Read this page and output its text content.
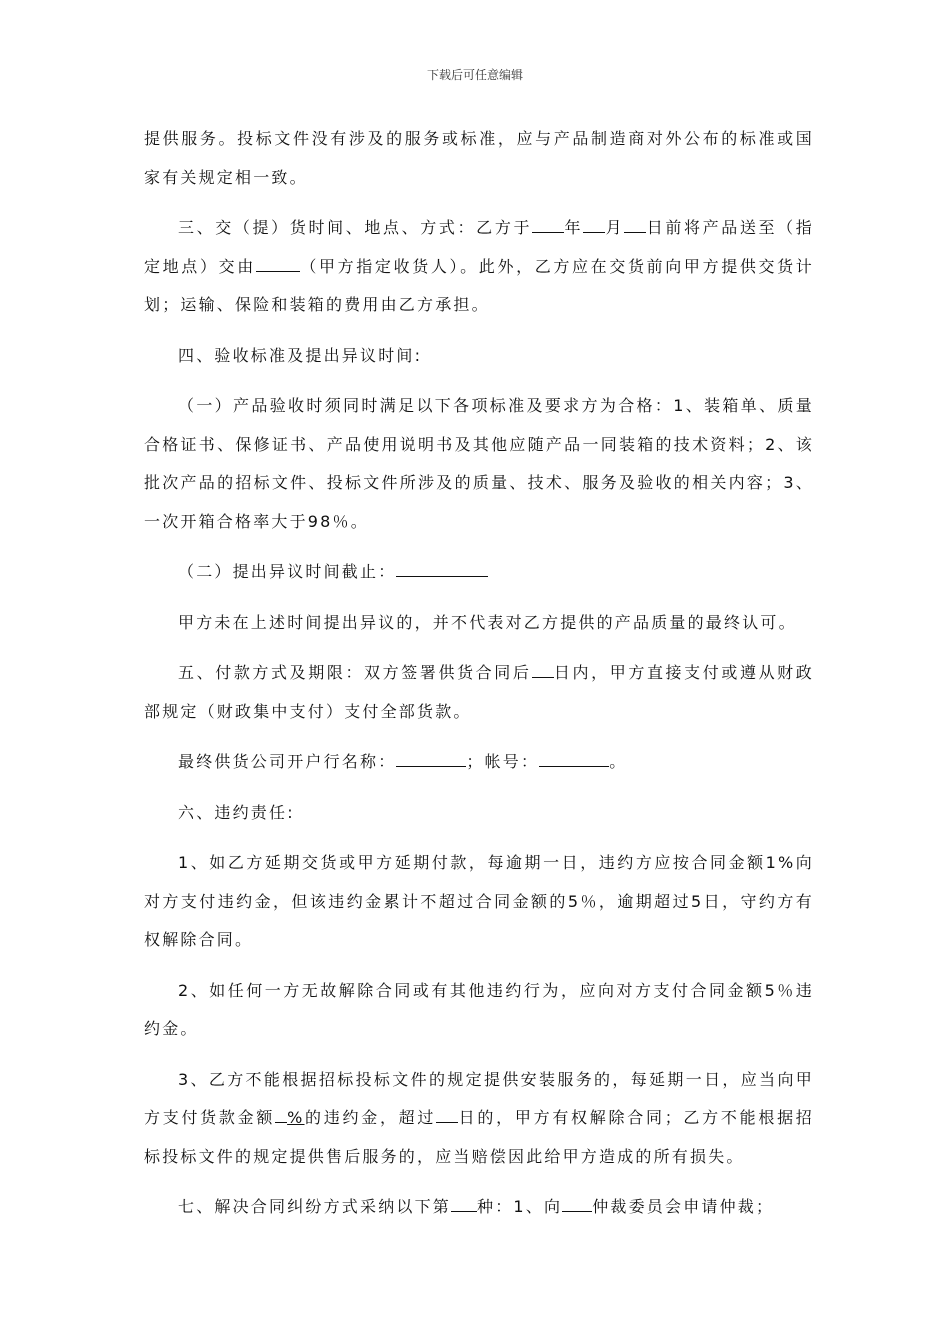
下载后可任意编辑

提供服务。投标文件没有涉及的服务或标准，应与产品制造商对外公布的标准或国家有关规定相一致。

三、交（提）货时间、地点、方式：乙方于 年 月 日前将产品送至（指定地点）交由	（甲方指定收货人）。此外，乙方应在交货前向甲方提供交货计划；运输、保险和装箱的费用由乙方承担。

四、验收标准及提出异议时间:

（一）产品验收时须同时满足以下各项标准及要求方为合格：1、装箱单、质量合格证书、保修证书、产品使用说明书及其他应随产品一同装箱的技术资料；2、该批次产品的招标文件、投标文件所涉及的质量、技术、服务及验收的相关内容；3、一次开箱合格率大于98％。

（二）提出异议时间截止：

甲方未在上述时间提出异议的，并不代表对乙方提供的产品质量的最终认可。

五、付款方式及期限：双方签署供货合同后 日内，甲方直接支付或遵从财政部规定（财政集中支付）支付全部货款。

最终供货公司开户行名称：	；帐号：	。

六、违约责任:

1、如乙方延期交货或甲方延期付款，每逾期一日，违约方应按合同金额1%向对方支付违约金，但该违约金累计不超过合同金额的5％，逾期超过5日，守约方有权解除合同。

2、如任何一方无故解除合同或有其他违约行为，应向对方支付合同金额5％违约金。

3、乙方不能根据招标投标文件的规定提供安装服务的，每延期一日，应当向甲方支付货款金额 %的违约金，超过 日的，甲方有权解除合同；乙方不能根据招标投标文件的规定提供售后服务的，应当赔偿因此给甲方造成的所有损失。

七、解决合同纠纷方式采纳以下第 种：1、向 仲裁委员会申请仲裁；
